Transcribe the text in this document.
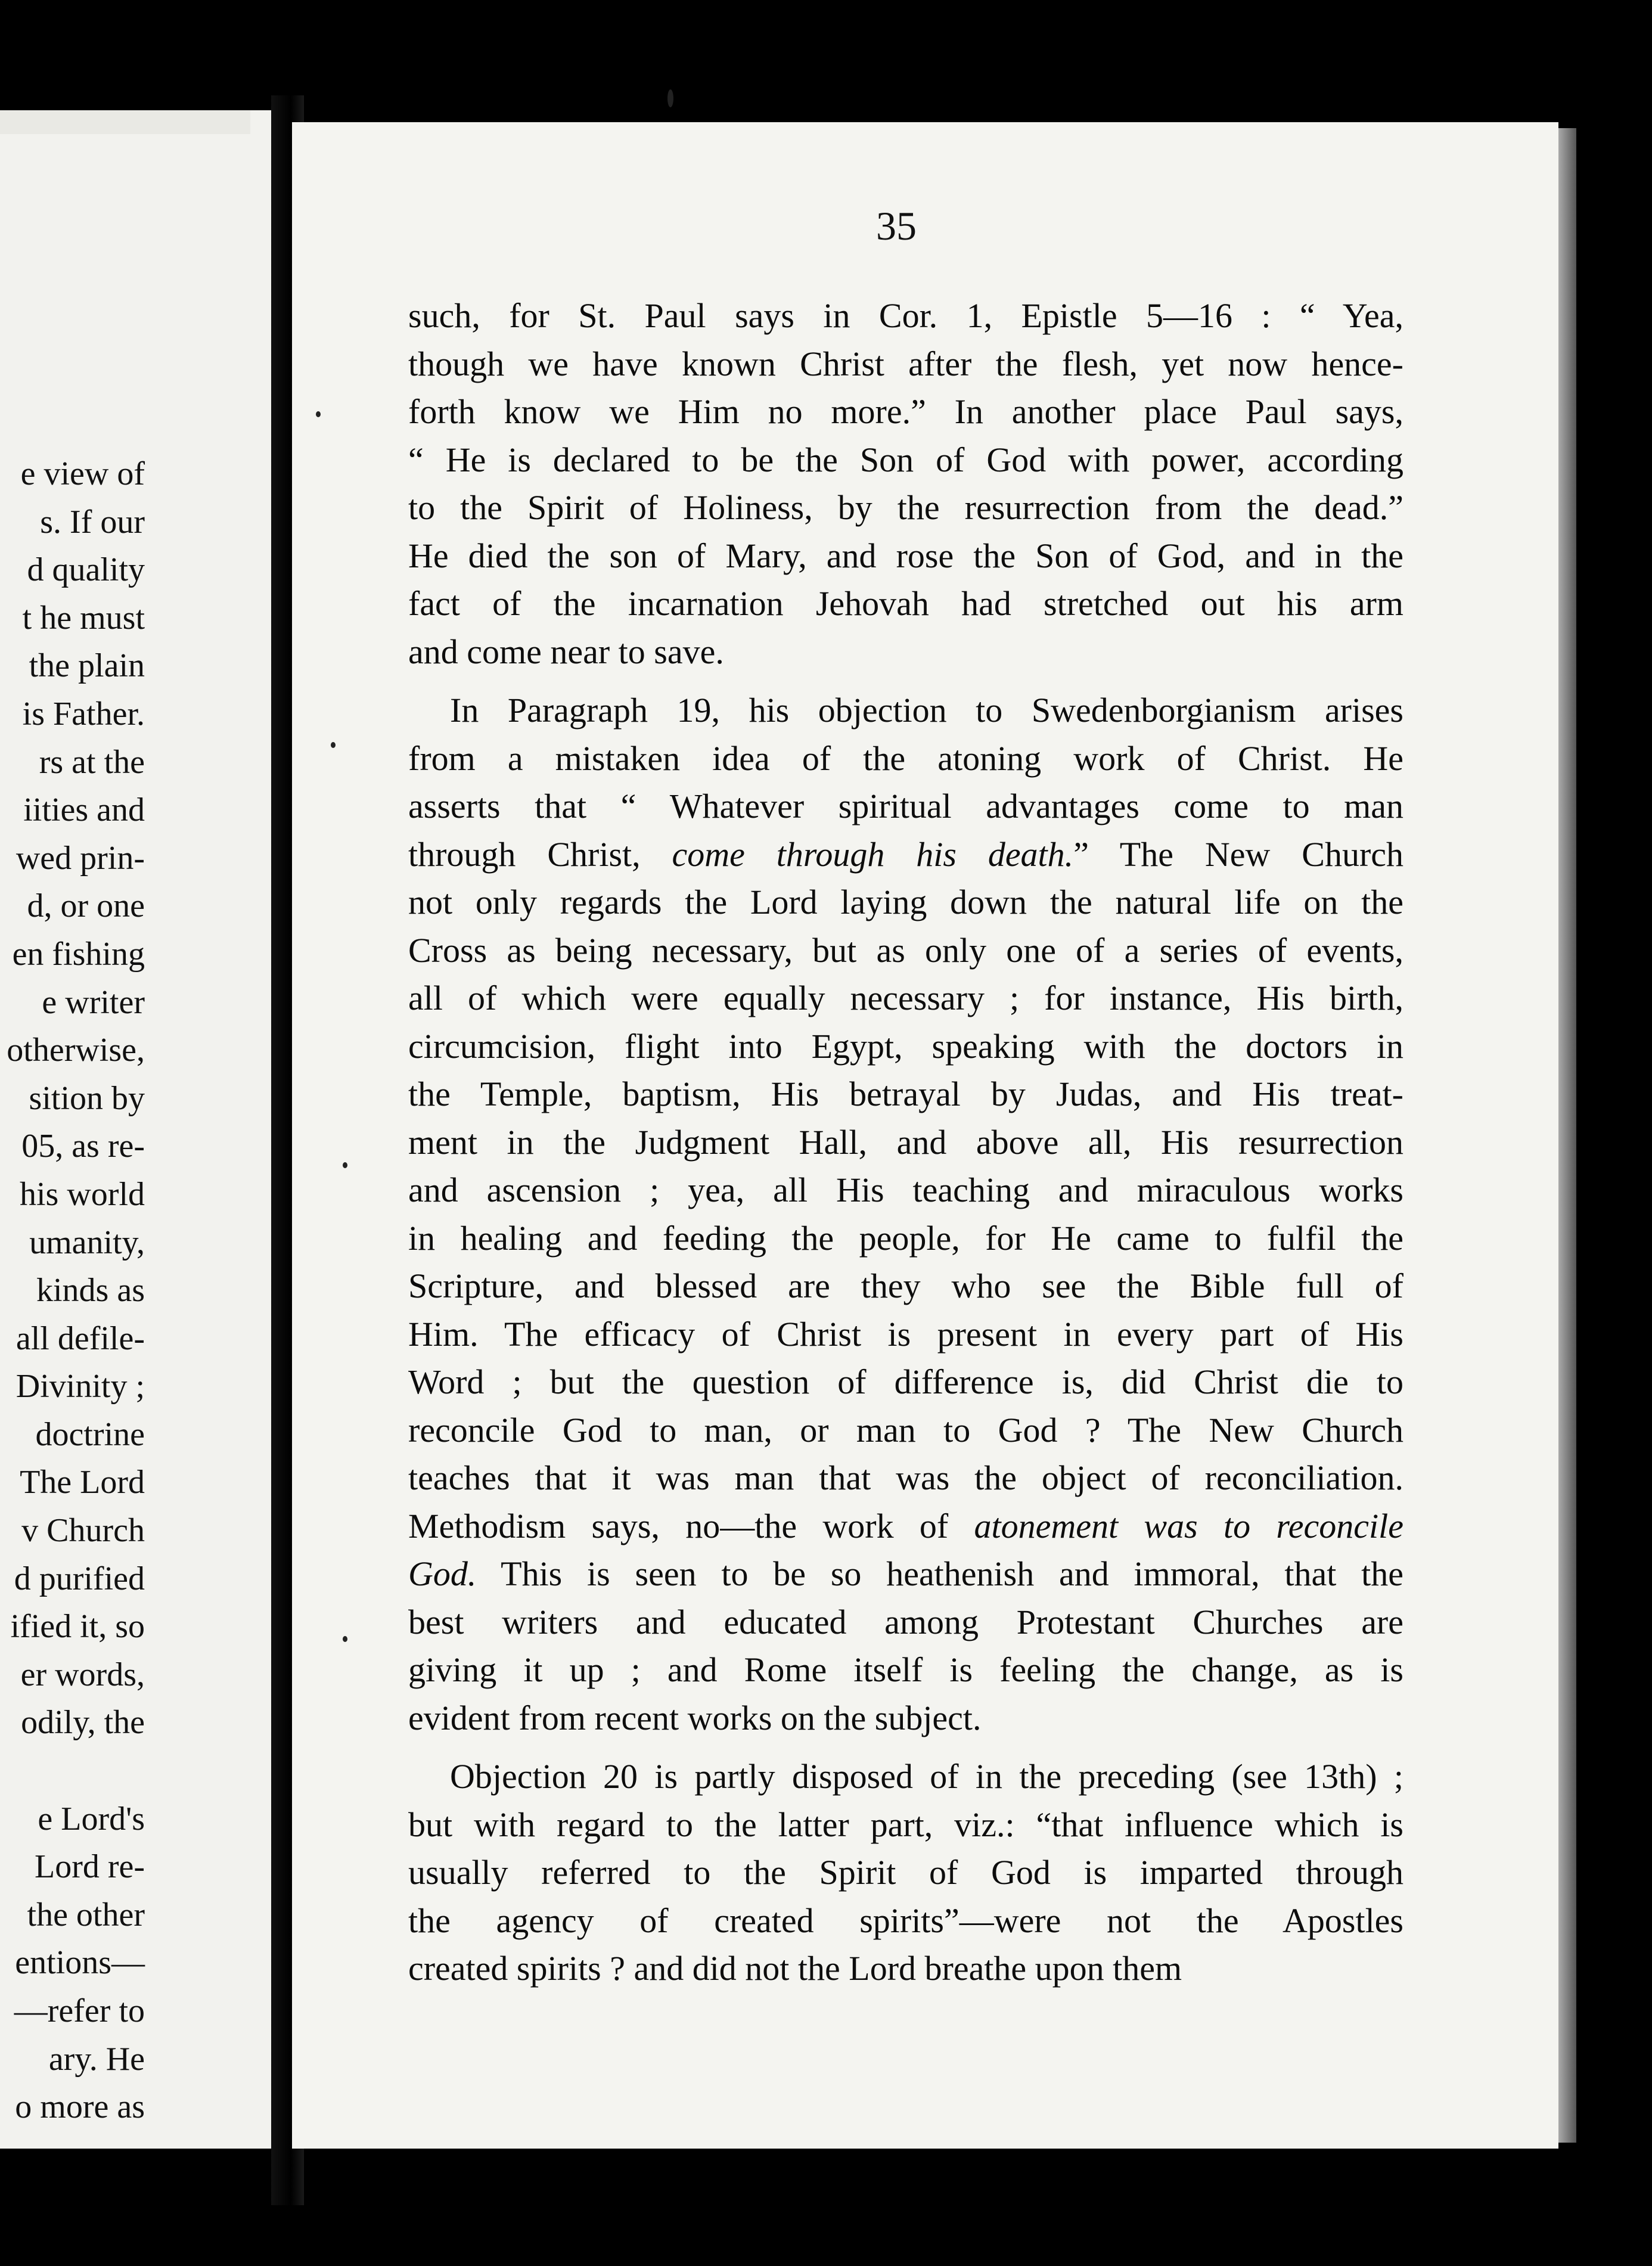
e view of
s. If our
d quality
t he must
the plain
is Father.
rs at the
iities and
wed prin-
d, or one
en fishing
e writer
otherwise,
sition by
05, as re-
his world
umanity,
kinds as
all defile-
Divinity ;
doctrine
The Lord
v Church
d purified
ified it, so
er words,
odily, the

e Lord's
Lord re-
the other
entions—
—refer to
ary. He
o more as
35
such, for St. Paul says in Cor. 1, Epistle 5—16 : “ Yea,
though we have known Christ after the flesh, yet now hence-
forth know we Him no more.” In another place Paul says,
“ He is declared to be the Son of God with power, according
to the Spirit of Holiness, by the resurrection from the dead.”
He died the son of Mary, and rose the Son of God, and in the
fact of the incarnation Jehovah had stretched out his arm
and come near to save.
In Paragraph 19, his objection to Swedenborgianism arises
from a mistaken idea of the atoning work of Christ. He
asserts that “ Whatever spiritual advantages come to man
through Christ, come through his death.” The New Church
not only regards the Lord laying down the natural life on the
Cross as being necessary, but as only one of a series of events,
all of which were equally necessary ; for instance, His birth,
circumcision, flight into Egypt, speaking with the doctors in
the Temple, baptism, His betrayal by Judas, and His treat-
ment in the Judgment Hall, and above all, His resurrection
and ascension ; yea, all His teaching and miraculous works
in healing and feeding the people, for He came to fulfil the
Scripture, and blessed are they who see the Bible full of
Him. The efficacy of Christ is present in every part of His
Word ; but the question of difference is, did Christ die to
reconcile God to man, or man to God ? The New Church
teaches that it was man that was the object of reconciliation.
Methodism says, no—the work of atonement was to reconcile
God. This is seen to be so heathenish and immoral, that the
best writers and educated among Protestant Churches are
giving it up ; and Rome itself is feeling the change, as is
evident from recent works on the subject.
Objection 20 is partly disposed of in the preceding (see 13th) ;
but with regard to the latter part, viz.: “that influence which is
usually referred to the Spirit of God is imparted through
the agency of created spirits”—were not the Apostles
created spirits ? and did not the Lord breathe upon them
